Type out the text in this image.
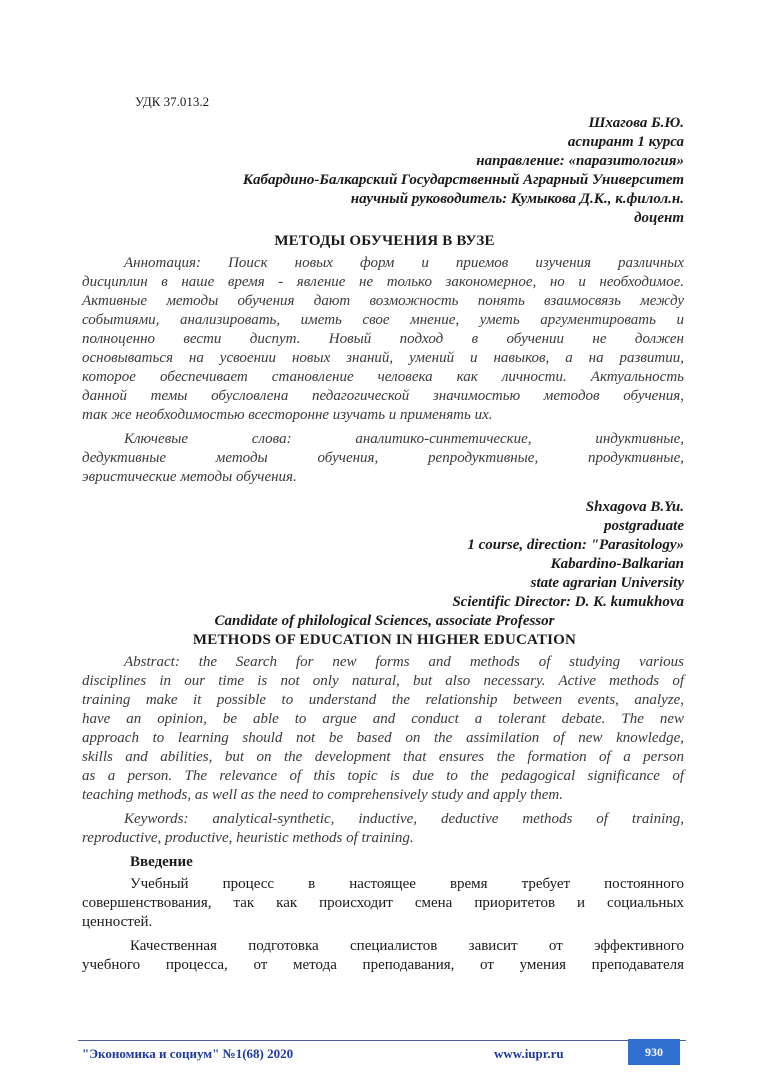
УДК 37.013.2
Шхагова Б.Ю.
аспирант 1 курса
направление: «паразитология»
Кабардино-Балкарский Государственный Аграрный Университет
научный руководитель: Кумыкова Д.К., к.филол.н.
доцент
МЕТОДЫ ОБУЧЕНИЯ В ВУЗЕ
Аннотация: Поиск новых форм и приемов изучения различных
дисциплин в наше время - явление не только закономерное, но и необходимое.
Активные методы обучения дают возможность понять взаимосвязь между
событиями, анализировать, иметь свое мнение, уметь аргументировать и
полноценно вести диспут. Новый подход в обучении не должен
основываться на усвоении новых знаний, умений и навыков, а на развитии,
которое обеспечивает становление человека как личности. Актуальность
данной темы обусловлена педагогической значимостью методов обучения,
так же необходимостью всесторонне изучать и применять их.
Ключевые слова: аналитико-синтетические, индуктивные,
дедуктивные методы обучения, репродуктивные, продуктивные,
эвристические методы обучения.
Shxagova B.Yu.
postgraduate
1 course, direction: "Parasitology»
Kabardino-Balkarian
state agrarian University
Scientific Director: D. K. kumukhova
Candidate of philological Sciences, associate Professor
METHODS OF EDUCATION IN HIGHER EDUCATION
Abstract: the Search for new forms and methods of studying various
disciplines in our time is not only natural, but also necessary. Active methods of
training make it possible to understand the relationship between events, analyze,
have an opinion, be able to argue and conduct a tolerant debate. The new
approach to learning should not be based on the assimilation of new knowledge,
skills and abilities, but on the development that ensures the formation of a person
as a person. The relevance of this topic is due to the pedagogical significance of
teaching methods, as well as the need to comprehensively study and apply them.
Keywords: analytical-synthetic, inductive, deductive methods of training,
reproductive, productive, heuristic methods of training.
Введение
Учебный процесс в настоящее время требует постоянного
совершенствования, так как происходит смена приоритетов и социальных
ценностей.
Качественная подготовка специалистов зависит от эффективного
учебного процесса, от метода преподавания, от умения преподавателя
"Экономика и социум" №1(68) 2020	www.iupr.ru	930
